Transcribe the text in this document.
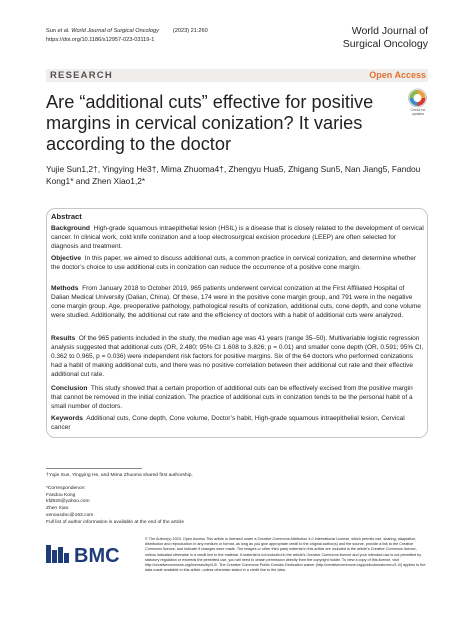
Sun et al. World Journal of Surgical Oncology	(2023) 21:260
https://doi.org/10.1186/s12957-023-03119-1
World Journal of
Surgical Oncology
RESEARCH	Open Access
Are “additional cuts” effective for positive margins in cervical conization? It varies according to the doctor
Check for updates
Yujie Sun1,2†, Yingying He3†, Mima Zhuoma4†, Zhengyu Hua5, Zhigang Sun5, Nan Jiang5, Fandou Kong1* and Zhen Xiao1,2*
Abstract
Background High-grade squamous intraepithelial lesion (HSIL) is a disease that is closely related to the development of cervical cancer. In clinical work, cold knife conization and a loop electrosurgical excision procedure (LEEP) are often selected for diagnosis and treatment.
Objective In this paper, we aimed to discuss additional cuts, a common practice in cervical conization, and determine whether the doctor’s choice to use additional cuts in conization can reduce the occurrence of a positive cone margin.
Methods From January 2018 to October 2019, 965 patients underwent cervical conization at the First Affiliated Hospital of Dalian Medical University (Dalian, China). Of these, 174 were in the positive cone margin group, and 791 were in the negative cone margin group. Age, preoperative pathology, pathological results of conization, additional cuts, cone depth, and cone volume were studied. Additionally, the additional cut rate and the efficiency of doctors with a habit of additional cuts were analyzed.
Results Of the 965 patients included in the study, the median age was 41 years (range 35–50). Multivariable logistic regression analysis suggested that additional cuts (OR, 2.480; 95% CI 1.608 to 3.826; p = 0.01) and smaller cone depth (OR, 0.591; 95% CI, 0.362 to 0.965, p = 0.036) were independent risk factors for positive margins. Six of the 64 doctors who performed conizations had a habit of making additional cuts, and there was no positive correlation between their additional cut rate and their effective additional cut rate.
Conclusion This study showed that a certain proportion of additional cuts can be effectively excised from the positive margin that cannot be removed in the initial conization. The practice of additional cuts in conization tends to be the personal habit of a small number of doctors.
Keywords Additional cuts, Cone depth, Cone volume, Doctor’s habit, High-grade squamous intraepithelial lesion, Cervical cancer
†Yujie Sun, Yingying He, and Mima Zhuoma shared first authorship.
*Correspondence:
Fandou Kong
kfd926@yahoo.com
Zhen Xiao
xenousdoc@163.com
Full list of author information is available at the end of the article
BMC
© The Author(s) 2023. Open Access This article is licensed under a Creative Commons Attribution 4.0 International License, which permits use, sharing, adaptation, distribution and reproduction in any medium or format, as long as you give appropriate credit to the original author(s) and the source, provide a link to the Creative Commons licence, and indicate if changes were made. The images or other third party material in this article are included in the article’s Creative Commons licence, unless indicated otherwise in a credit line to the material. If material is not included in the article’s Creative Commons licence and your intended use is not permitted by statutory regulation or exceeds the permitted use, you will need to obtain permission directly from the copyright holder. To view a copy of this licence, visit http://creativecommons.org/licenses/by/4.0/. The Creative Commons Public Domain Dedication waiver (http://creativecommons.org/publicdomain/zero/1.0/) applies to the data made available in this article, unless otherwise stated in a credit line to the data.
